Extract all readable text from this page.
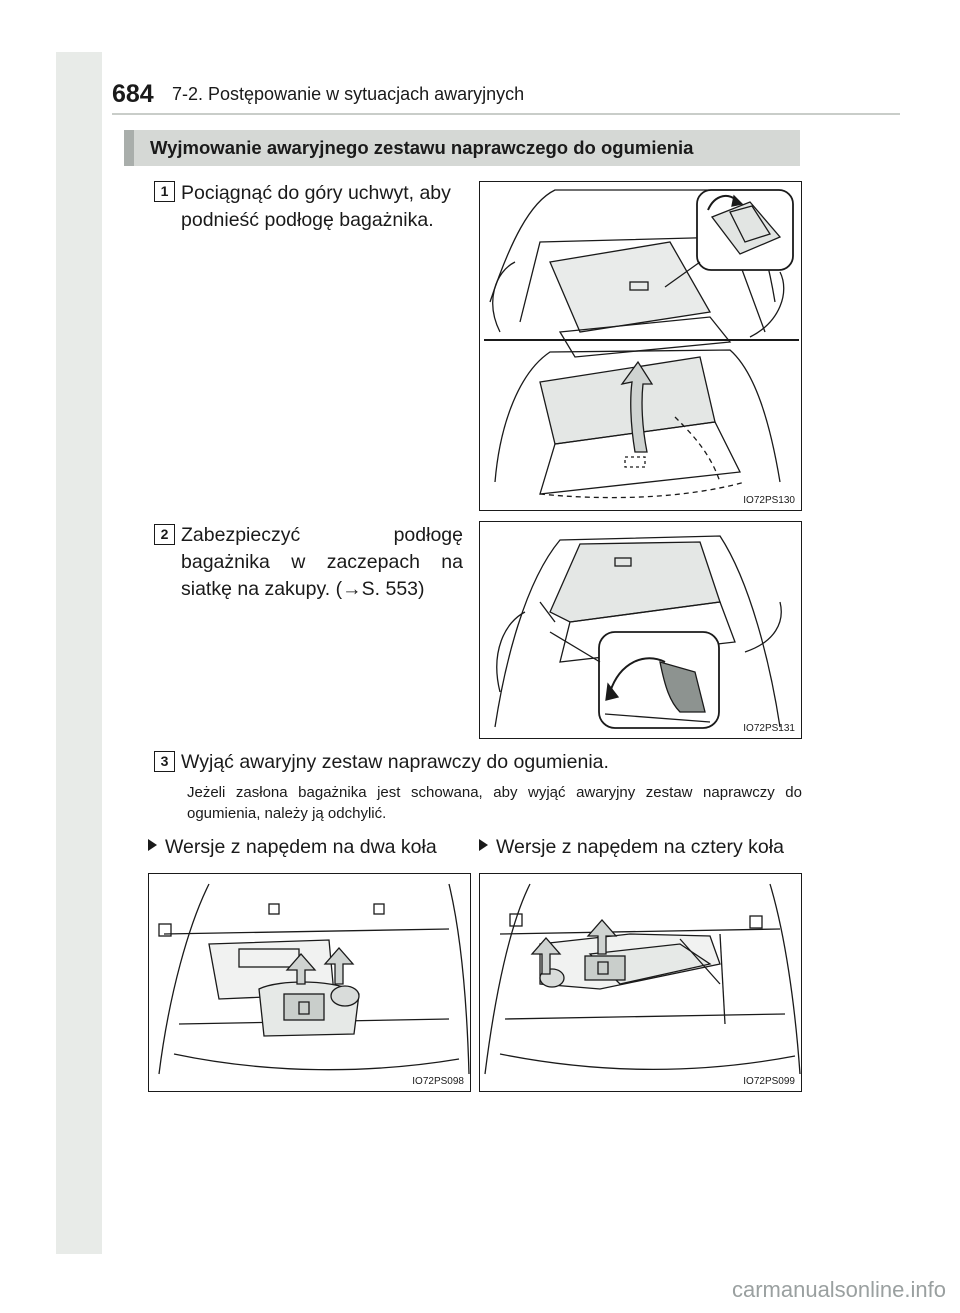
684 7-2. Postępowanie w sytuacjach awaryjnych
Wyjmowanie awaryjnego zestawu naprawczego do ogumienia
1 Pociągnąć do góry uchwyt, aby podnieść podłogę bagażnika.
IO72PS130
2 Zabezpieczyć podłogę bagażnika w zaczepach na siatkę na zakupy. (→S. 553)
IO72PS131
3 Wyjąć awaryjny zestaw naprawczy do ogumienia.
Jeżeli zasłona bagażnika jest schowana, aby wyjąć awaryjny zestaw naprawczy do ogumienia, należy ją odchylić.
Wersje z napędem na dwa koła	Wersje z napędem na cztery koła
IO72PS098	IO72PS099
carmanualsonline.info
